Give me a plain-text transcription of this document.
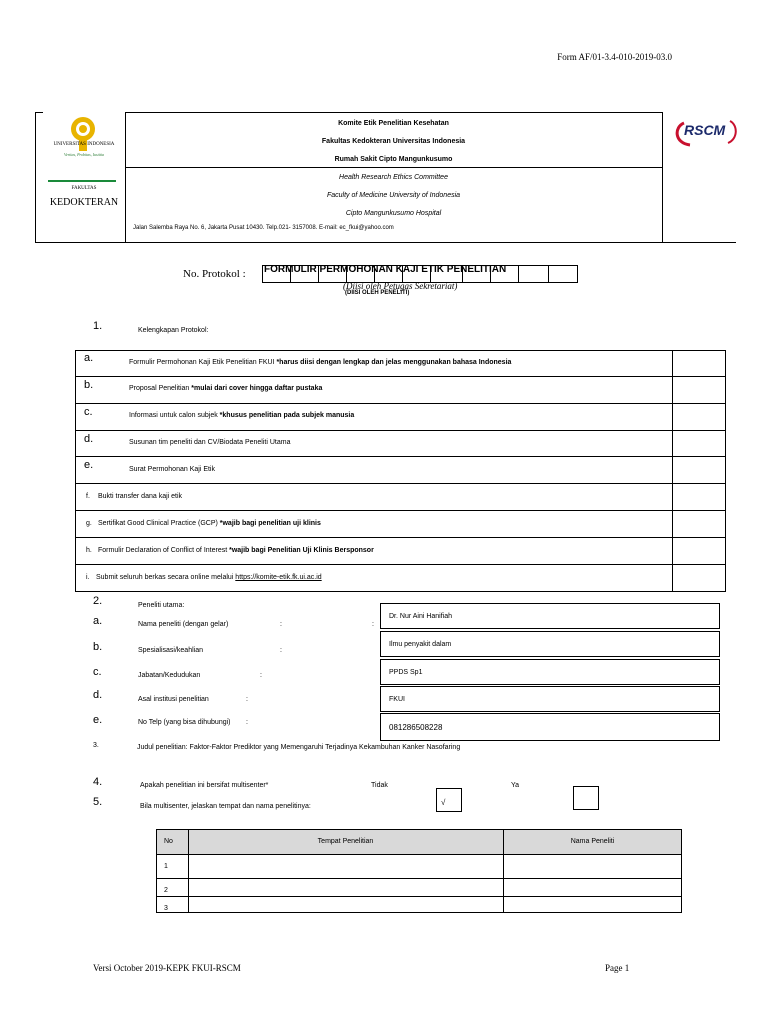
Form AF/01-3.4-010-2019-03.0
UNIVERSITAS INDONESIA
Veritas, Probitas, Iustitia
FAKULTAS
KEDOKTERAN
Komite Etik Penelitian Kesehatan
Fakultas Kedokteran Universitas Indonesia
Rumah Sakit Cipto Mangunkusumo
Health Research Ethics Committee
Faculty of Medicine University of Indonesia
Cipto Mangunkusumo Hospital
Jalan Salemba Raya No. 6, Jakarta Pusat 10430. Telp.021- 3157008. E-mail: ec_fkui@yahoo.com
RSCM
No. Protokol : FORMULIR PERMOHONAN KAJI ETIK PENELITIAN
(Diisi oleh Petugas Sekretariat)
(DIISI OLEH PENELITI)
1.	Kelengkapan Protokol:
a.	Formulir Permohonan Kaji Etik Penelitian FKUI *harus diisi dengan lengkap dan jelas menggunakan bahasa Indonesia
b.	Proposal Penelitian *mulai dari cover hingga daftar pustaka
c.	Informasi untuk calon subjek *khusus penelitian pada subjek manusia
d.	Susunan tim peneliti dan CV/Biodata Peneliti Utama
e.	Surat Permohonan Kaji Etik
f. Bukti transfer dana kaji etik
g. Sertifikat Good Clinical Practice (GCP) *wajib bagi penelitian uji klinis
h. Formulir Declaration of Conflict of Interest *wajib bagi Penelitian Uji Klinis Bersponsor
i. Submit seluruh berkas secara online melalui https://komite-etik.fk.ui.ac.id
2.	Peneliti utama:
a.	Nama peneliti (dengan gelar)	:	:
Dr. Nur Aini Hanifiah
b.	Spesialisasi/keahlian	:
Ilmu penyakit dalam
c.	Jabatan/Kedudukan	:	PPDS Sp1
d.	Asal institusi penelitian	:	FKUI
e.	No Telp (yang bisa dihubungi) :	081286508228
3.	Judul penelitian: Faktor-Faktor Prediktor yang Memengaruhi Terjadinya Kekambuhan Kanker Nasofaring
4.	Apakah penelitian ini bersifat multisenter*	Tidak	Ya
√
5.	Bila multisenter, jelaskan tempat dan nama penelitinya:
No	Tempat Penelitian	Nama Peneliti
1
2
3
Versi October 2019-KEPK FKUI-RSCM	Page 1
